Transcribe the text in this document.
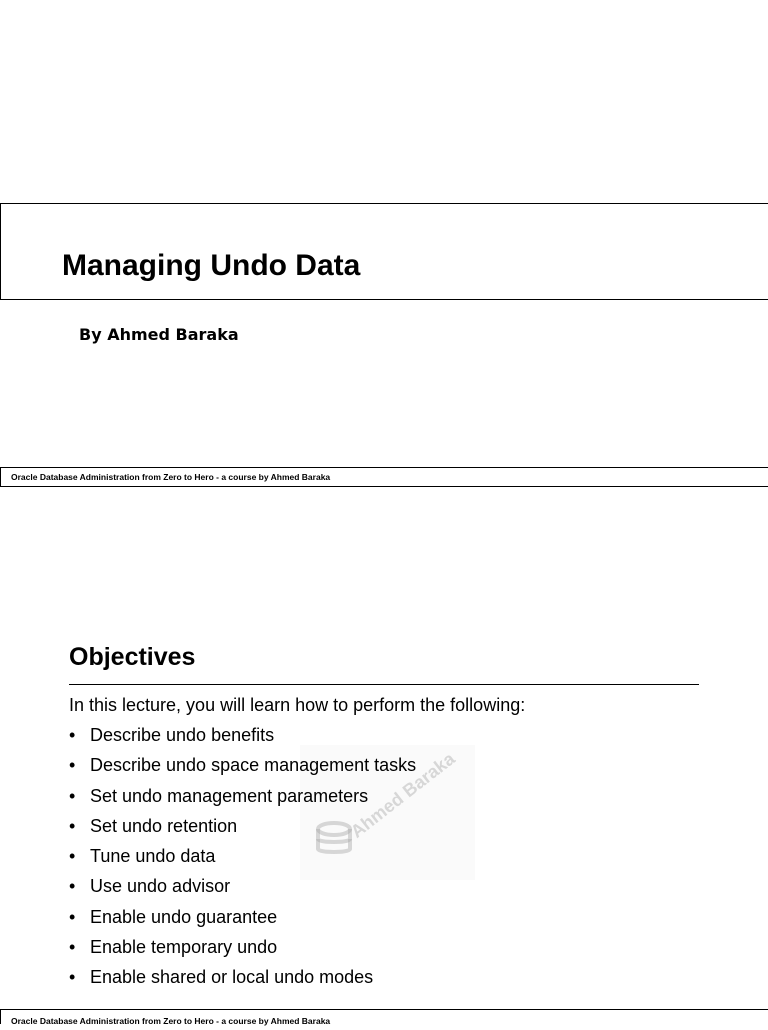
Managing Undo Data
By Ahmed Baraka
Oracle Database Administration from Zero to Hero - a course by Ahmed Baraka
Ahmed Baraka
Objectives
In this lecture, you will learn how to perform the following:
• Describe undo benefits
• Describe undo space management tasks
• Set undo management parameters
• Set undo retention
• Tune undo data
• Use undo advisor
• Enable undo guarantee
• Enable temporary undo
• Enable shared or local undo modes
Oracle Database Administration from Zero to Hero - a course by Ahmed Baraka
